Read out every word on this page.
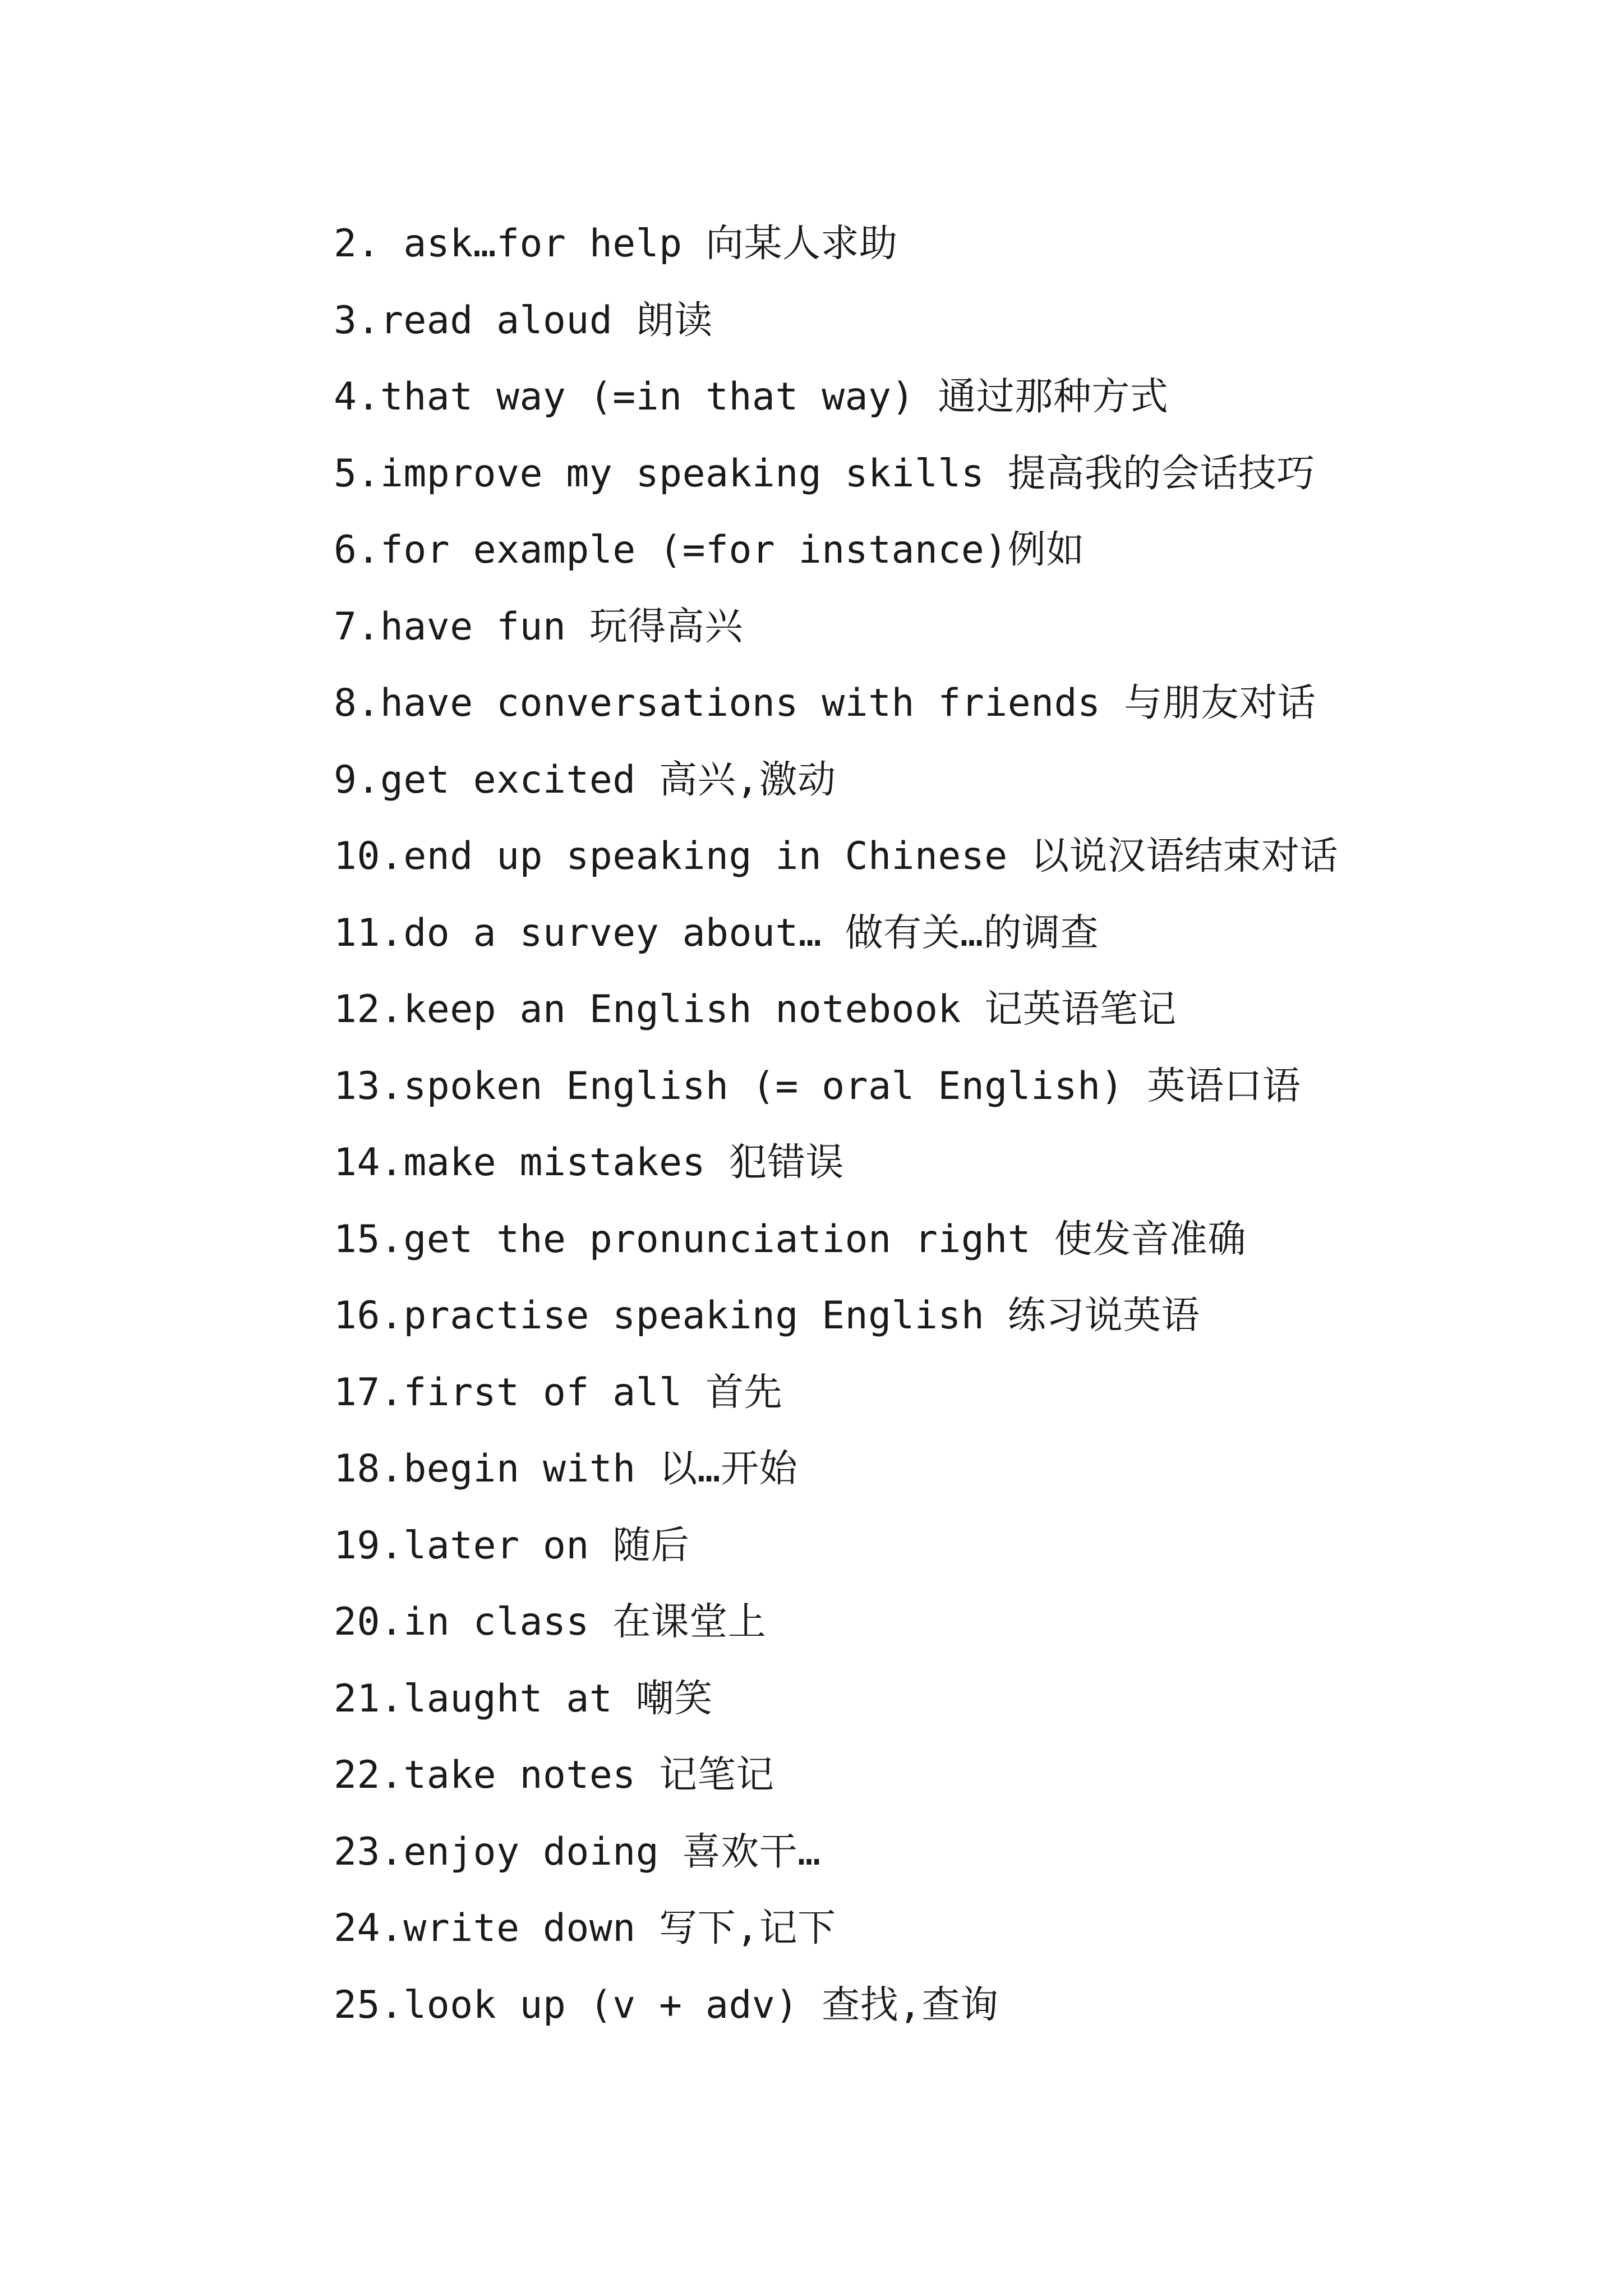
2. ask…for help 向某人求助
3.read aloud 朗读
4.that way (=in that way) 通过那种方式
5.improve my speaking skills 提高我的会话技巧
6.for example (=for instance)例如
7.have fun 玩得高兴
8.have conversations with friends 与朋友对话
9.get excited 高兴,激动
10.end up speaking in Chinese 以说汉语结束对话
11.do a survey about… 做有关…的调查
12.keep an English notebook 记英语笔记
13.spoken English (= oral English) 英语口语
14.make mistakes 犯错误
15.get the pronunciation right 使发音准确
16.practise speaking English 练习说英语
17.first of all 首先
18.begin with 以…开始
19.later on 随后
20.in class 在课堂上
21.laught at 嘲笑
22.take notes 记笔记
23.enjoy doing 喜欢干…
24.write down 写下,记下
25.look up (v + adv) 查找,查询
